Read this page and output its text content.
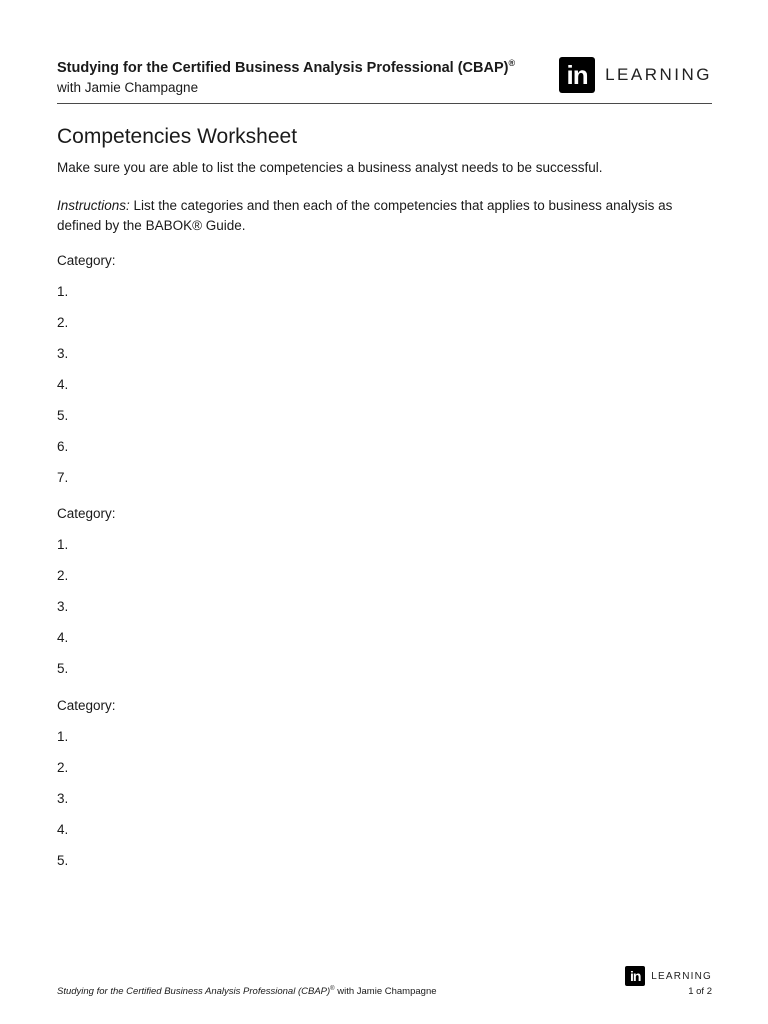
Studying for the Certified Business Analysis Professional (CBAP)®
with Jamie Champagne	in	LEARNING
Competencies Worksheet

Make sure you are able to list the competencies a business analyst needs to be successful.

Instructions: List the categories and then each of the competencies that applies to business analysis as defined by the BABOK® Guide.

Category:
1.
2.
3.
4.
5.
6.
7.
Category:
1.
2.
3.
4.
5.
Category:
1.
2.
3.
4.
5.
in	LEARNING
Studying for the Certified Business Analysis Professional (CBAP)® with Jamie Champagne	1 of 2
